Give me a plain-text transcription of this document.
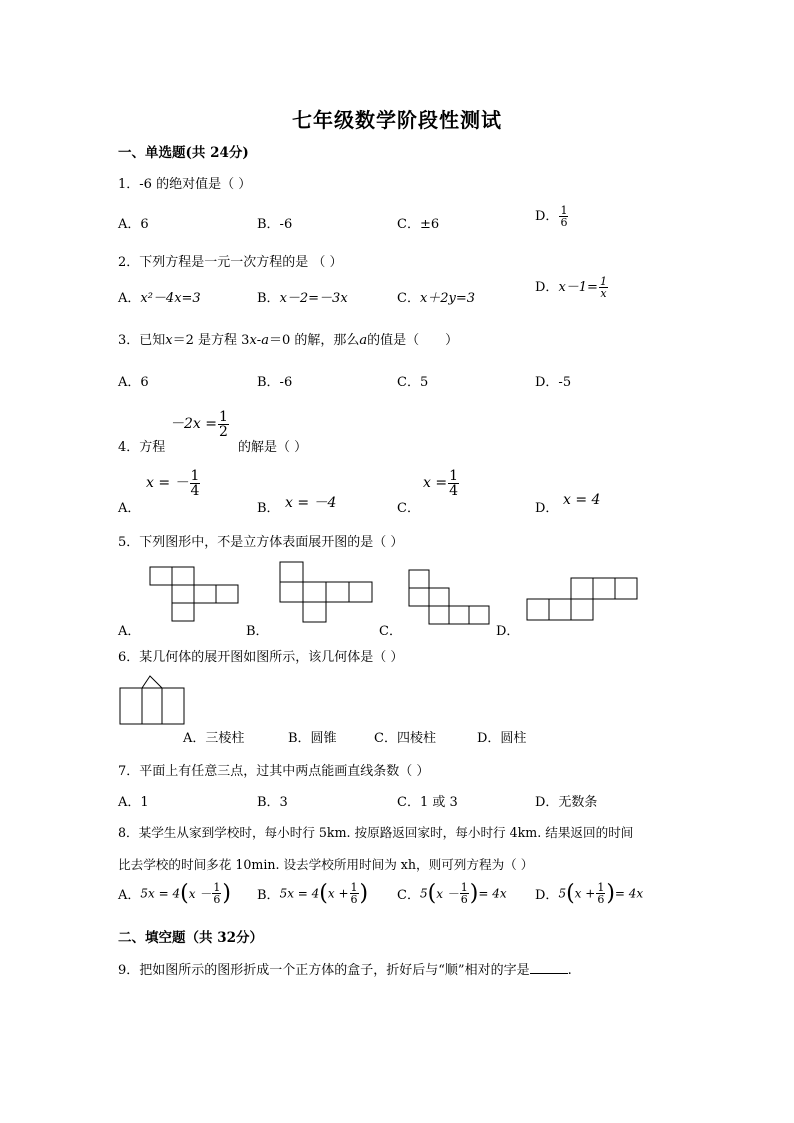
七年级数学阶段性测试
一、单选题(共 24分)
1．-6 的绝对值是（ ）
A．6	B．-6	C．±6
D． $\frac{1}{6}$
2．下列方程是一元一次方程的是 （ ）
A．x²－4x=3	B．x－2=－3x	C．x＋2y=3
D．$x-1= \frac{1}{x}$
3．已知x＝2 是方程 3x-a＝0 的解，那么a的值是（　　）
A．6	B．-6	C．5	D．-5
4．方程
$-2x = \frac{1}{2}$
的解是（ ）
A．
x = － $\frac{1}{4}$
B． x = －4	C．
$x = \frac{1}{4}$
D．
x = 4
5．下列图形中，不是立方体表面展开图的是（ ）
A．	B．	C．	D．
6．某几何体的展开图如图所示，该几何体是（ ）
A．三棱柱	B．圆锥	C．四棱柱	D．圆柱
7．平面上有任意三点，过其中两点能画直线条数（ ）
A．1	B．3	C．1 或 3	D．无数条
8．某学生从家到学校时，每小时行 5km. 按原路返回家时，每小时行 4km. 结果返回的时间
比去学校的时间多花 10min. 设去学校所用时间为 xh，则可列方程为（ ）
A．$5x = 4(x - \frac{1}{6}$ ) B．$5x = 4(x + \frac{1}{6}$ ) C．$5(x - \frac{1}{6}$ )= 4x D．$5(x + \frac{1}{6}$ )= 4x
二、填空题（共 32分）
9．把如图所示的图形折成一个正方体的盒子，折好后与“顺”相对的字是	.
